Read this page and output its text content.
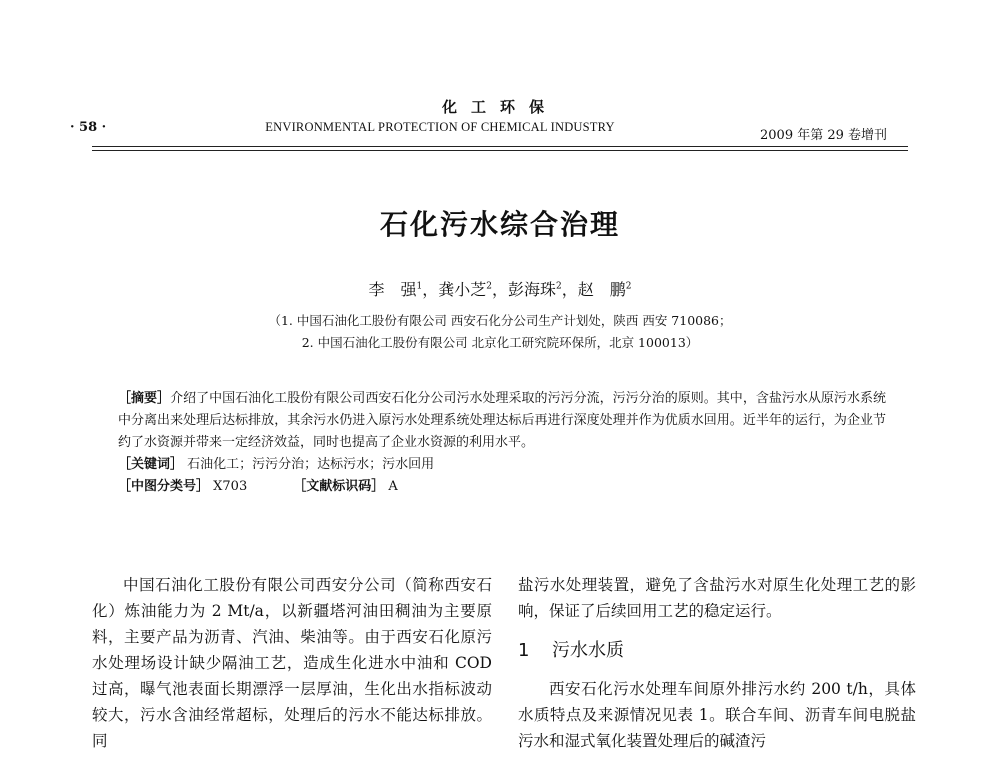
化工环保
· 58 ·	ENVIRONMENTAL PROTECTION OF CHEMICAL INDUSTRY
2009 年第 29 卷增刊
石化污水综合治理
李　强$^1$，龚小芝$^2$，彭海珠$^2$，赵　鹏$^2$
（1. 中国石油化工股份有限公司 西安石化分公司生产计划处，陕西 西安 710086；
2. 中国石油化工股份有限公司 北京化工研究院环保所，北京 100013）

［摘要］介绍了中国石油化工股份有限公司西安石化分公司污水处理采取的污污分流，污污分治的原则。其中，含盐污水从原污水系统中分离出来处理后达标排放，其余污水仍进入原污水处理系统处理达标后再进行深度处理并作为优质水回用。近半年的运行，为企业节约了水资源并带来一定经济效益，同时也提高了企业水资源的利用水平。

［关键词］ 石油化工；污污分治；达标污水；污水回用

［中图分类号］ X703	［文献标识码］ A

中国石油化工股份有限公司西安分公司（简称西安石化）炼油能力为 2 Mt/a，以新疆塔河油田稠油为主要原料，主要产品为沥青、汽油、柴油等。由于西安石化原污水处理场设计缺少隔油工艺，造成生化进水中油和 COD 过高，曝气池表面长期漂浮一层厚油，生化出水指标波动较大，污水含油经常超标，处理后的污水不能达标排放。同

盐污水处理装置，避免了含盐污水对原生化处理工艺的影响，保证了后续回用工艺的稳定运行。

1 污水水质

西安石化污水处理车间原外排污水约 200 t/h，具体水质特点及来源情况见表 1。联合车间、沥青车间电脱盐污水和湿式氧化装置处理后的碱渣污
